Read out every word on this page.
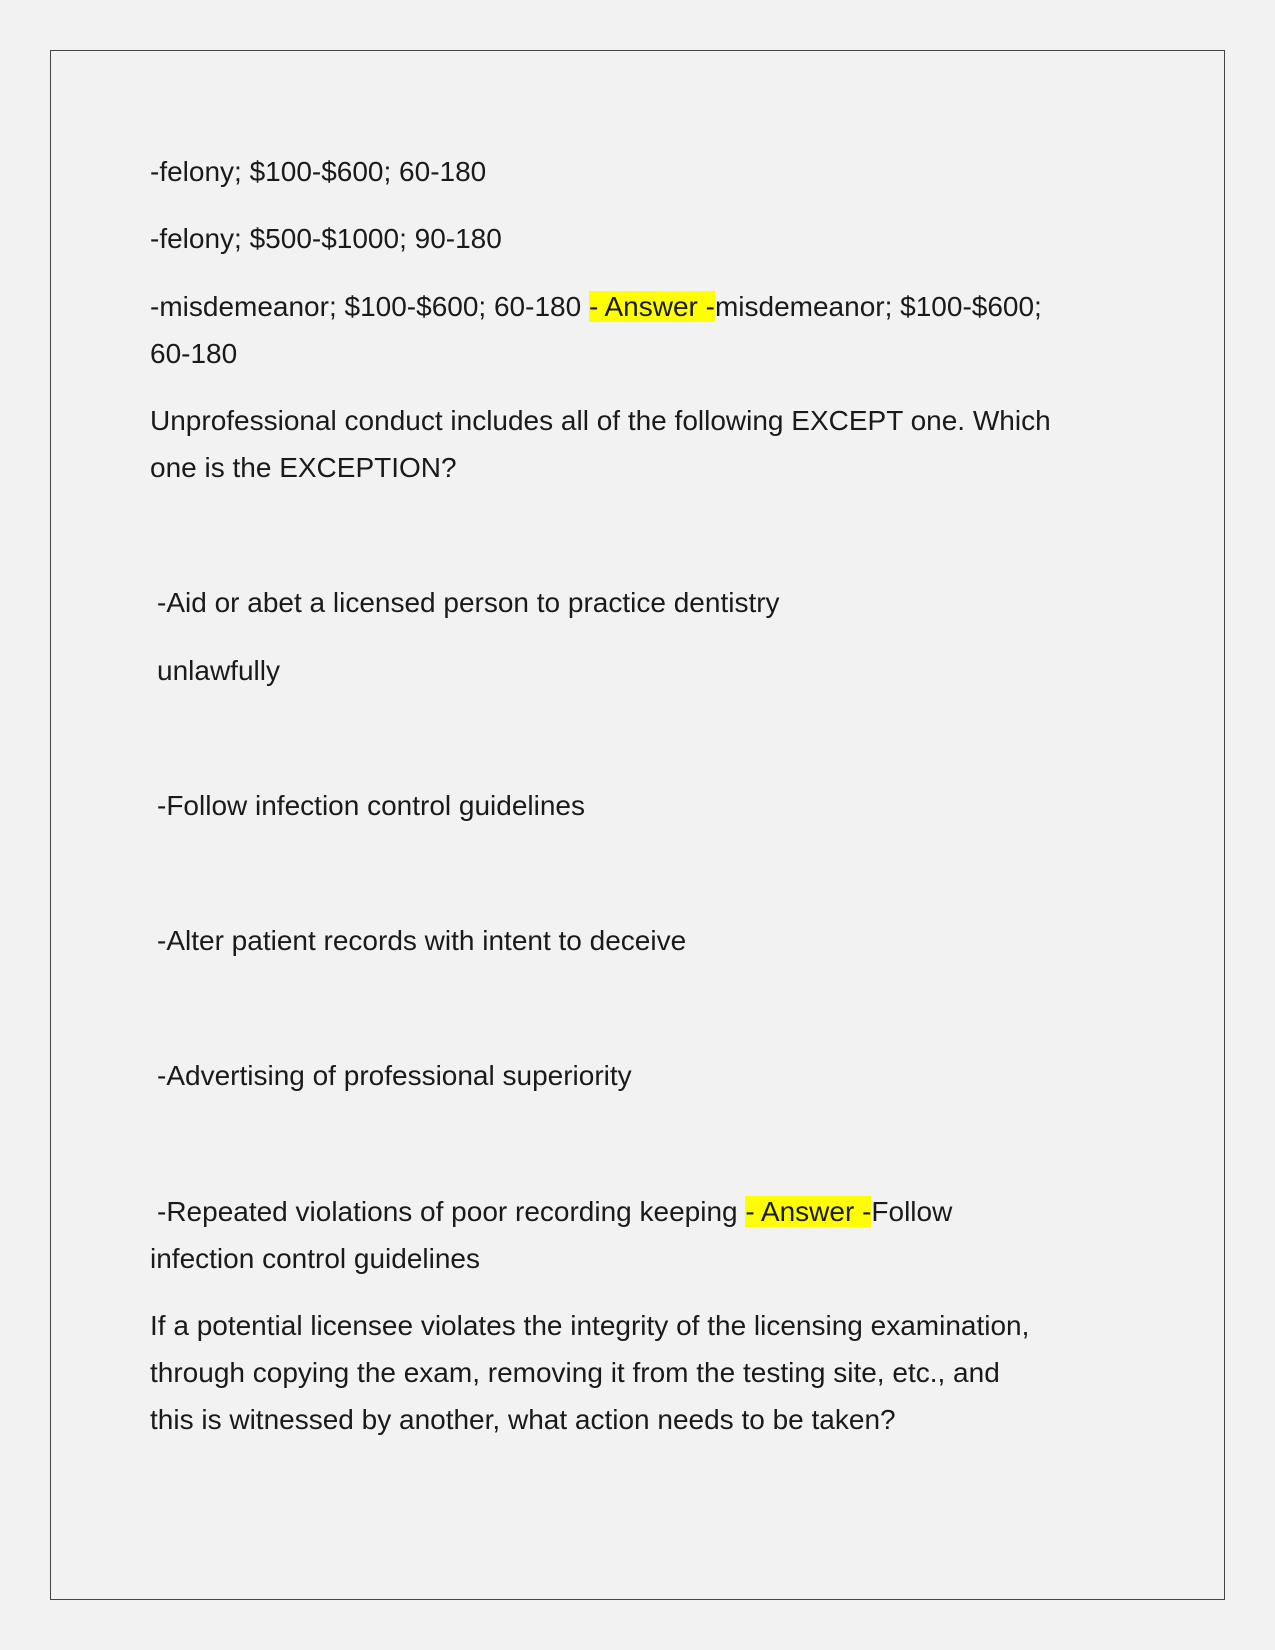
-felony; $100-$600; 60-180

-felony; $500-$1000; 90-180

-misdemeanor; $100-$600; 60-180 - Answer -misdemeanor; $100-$600;

60-180

Unprofessional conduct includes all of the following EXCEPT one. Which

one is the EXCEPTION?

-Aid or abet a licensed person to practice dentistry

unlawfully

-Follow infection control guidelines

-Alter patient records with intent to deceive

-Advertising of professional superiority

-Repeated violations of poor recording keeping - Answer -Follow

infection control guidelines

If a potential licensee violates the integrity of the licensing examination,

through copying the exam, removing it from the testing site, etc., and

this is witnessed by another, what action needs to be taken?
